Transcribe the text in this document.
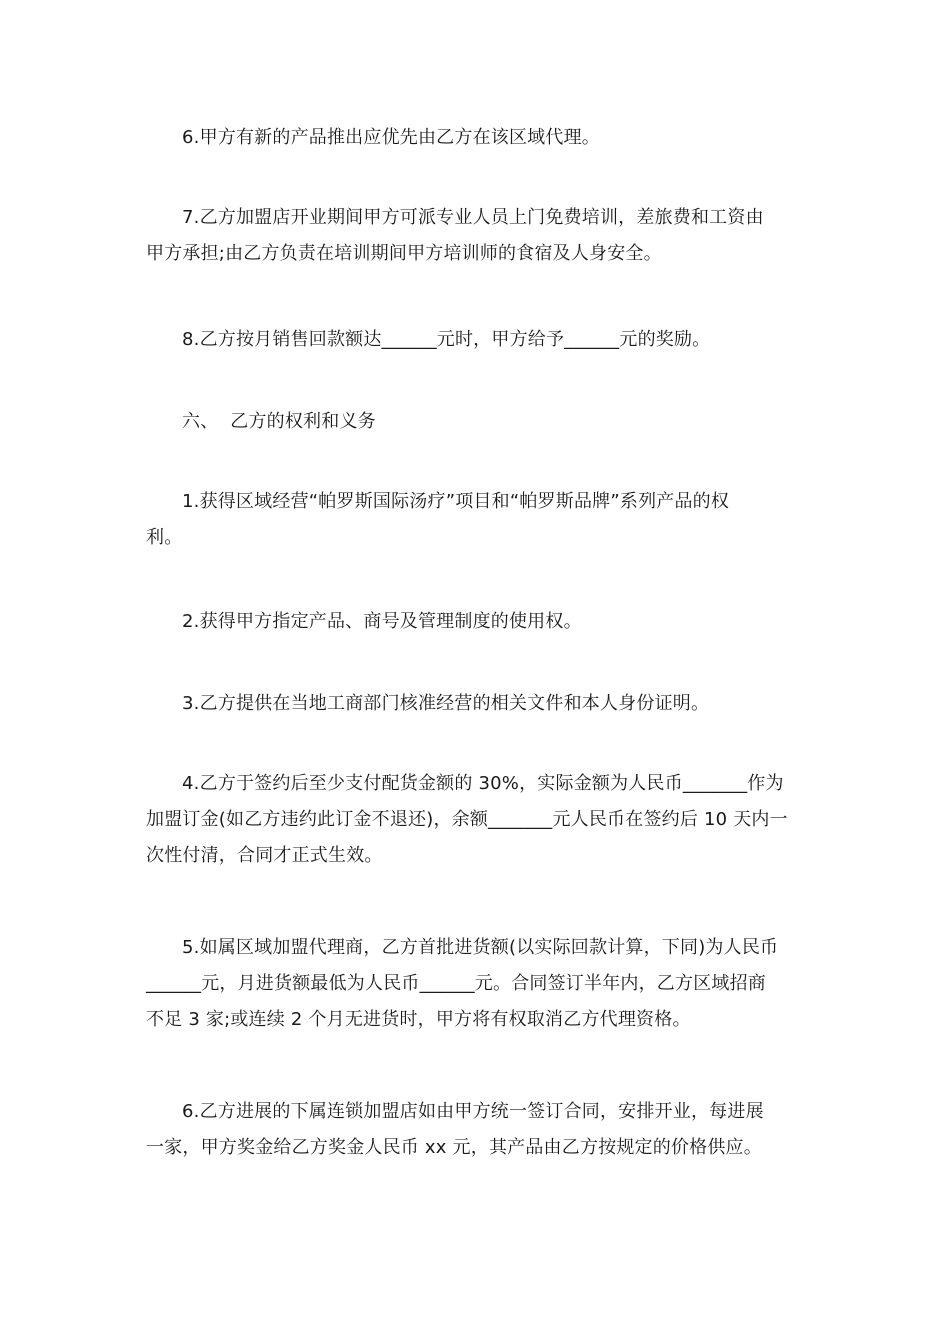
6.甲方有新的产品推出应优先由乙方在该区域代理。

7.乙方加盟店开业期间甲方可派专业人员上门免费培训，差旅费和工资由
甲方承担;由乙方负责在培训期间甲方培训师的食宿及人身安全。

8.乙方按月销售回款额达______元时，甲方给予______元的奖励。

六、  乙方的权利和义务

1.获得区域经营“帕罗斯国际汤疗”项目和“帕罗斯品牌”系列产品的权
利。

2.获得甲方指定产品、商号及管理制度的使用权。

3.乙方提供在当地工商部门核准经营的相关文件和本人身份证明。

4.乙方于签约后至少支付配货金额的 30%，实际金额为人民币_______作为
加盟订金(如乙方违约此订金不退还)，余额_______元人民币在签约后 10 天内一
次性付清，合同才正式生效。

5.如属区域加盟代理商，乙方首批进货额(以实际回款计算，下同)为人民币
______元，月进货额最低为人民币______元。合同签订半年内，乙方区域招商
不足 3 家;或连续 2 个月无进货时，甲方将有权取消乙方代理资格。

6.乙方进展的下属连锁加盟店如由甲方统一签订合同，安排开业，每进展
一家，甲方奖金给乙方奖金人民币 xx 元，其产品由乙方按规定的价格供应。
